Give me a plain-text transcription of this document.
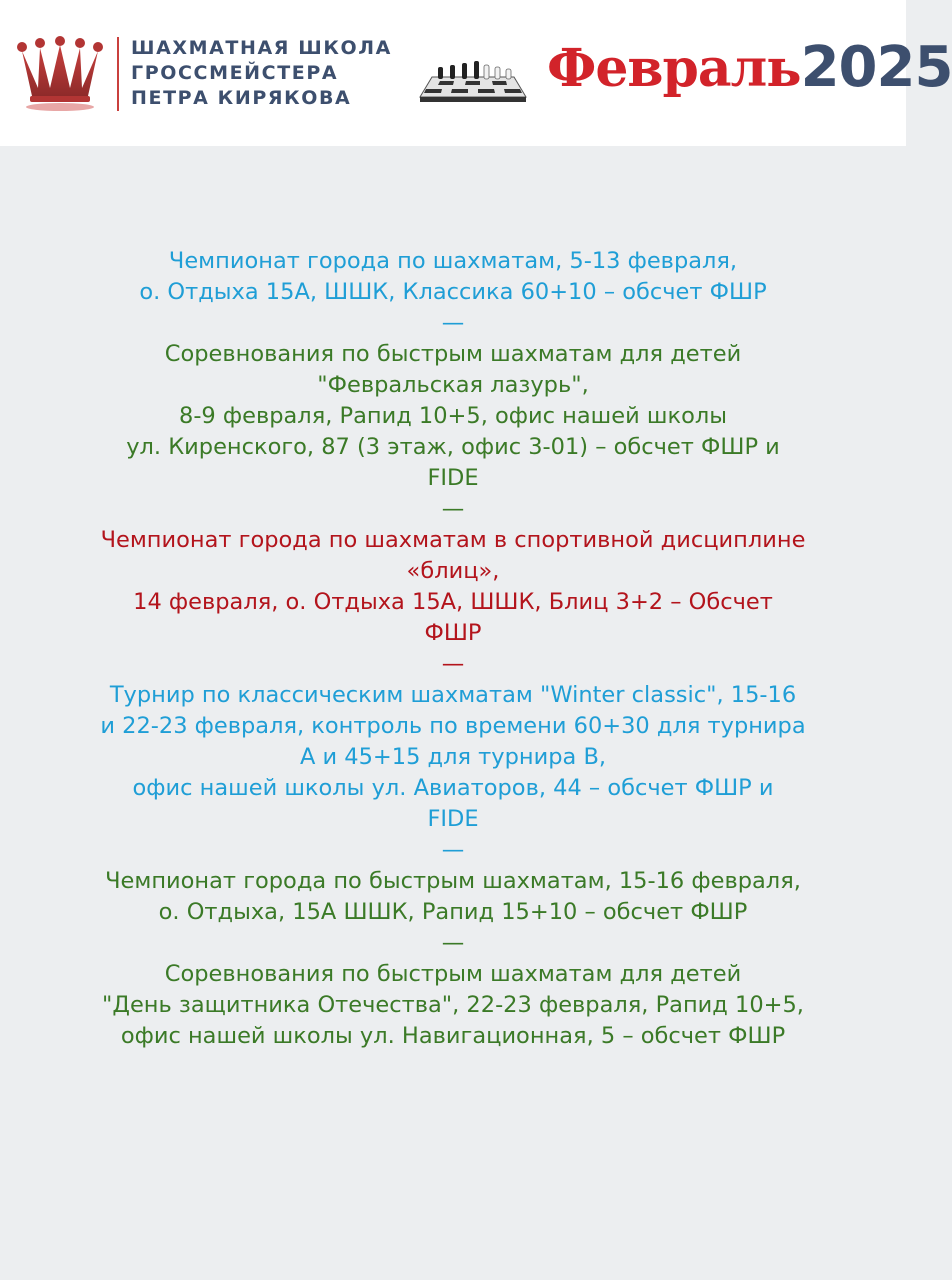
ШАХМАТНАЯ ШКОЛА
ГРОССМЕЙСТЕРА
ПЕТРА КИРЯКОВА	Февраль2025
Чемпионат города по шахматам, 5-13 февраля,
о. Отдыха 15А, ШШК, Классика 60+10 – обсчет ФШР
—
Соревнования по быстрым шахматам для детей
"Февральская лазурь",
8-9 февраля, Рапид 10+5, офис нашей школы
ул. Киренского, 87 (3 этаж, офис 3-01) – обсчет ФШР и
FIDE
—
Чемпионат города по шахматам в спортивной дисциплине
«блиц»,
14 февраля, о. Отдыха 15А, ШШК, Блиц 3+2 – Обсчет
ФШР
—
Турнир по классическим шахматам "Winter classic", 15-16
и 22-23 февраля, контроль по времени 60+30 для турнира
А и 45+15 для турнира В,
офис нашей школы ул. Авиаторов, 44 – обсчет ФШР и
FIDE
—
Чемпионат города по быстрым шахматам, 15-16 февраля,
о. Отдыха, 15А ШШК, Рапид 15+10 – обсчет ФШР
—
Соревнования по быстрым шахматам для детей
"День защитника Отечества", 22-23 февраля, Рапид 10+5,
офис нашей школы ул. Навигационная, 5 – обсчет ФШР
